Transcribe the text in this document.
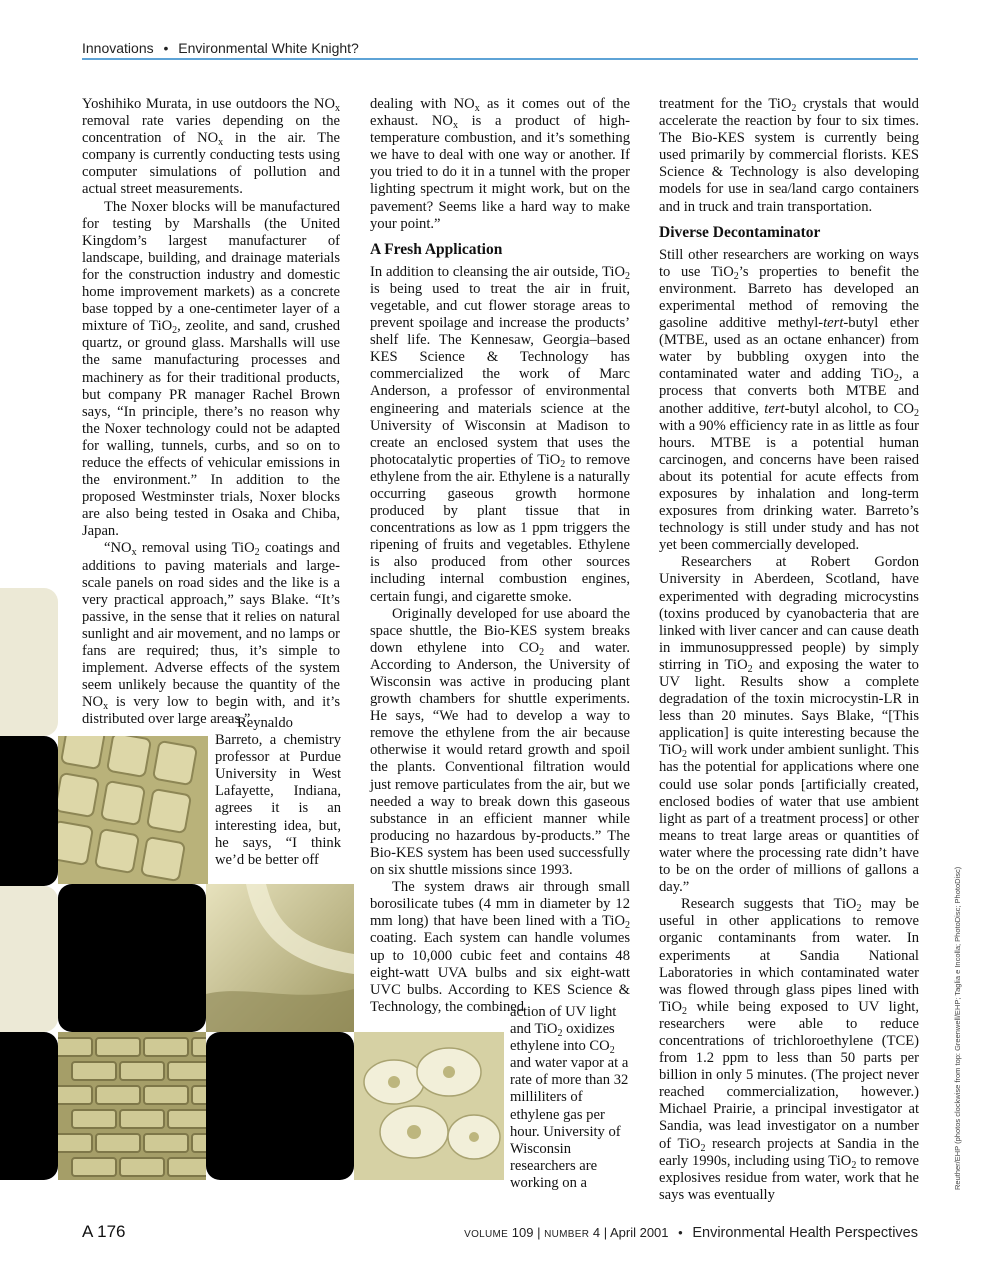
Innovations • Environmental White Knight?

Yoshihiko Murata, in use outdoors the $NO_x$ removal rate varies depending on the concentration of $NO_x$ in the air. The company is currently conducting tests using computer simulations of pollution and actual street measurements.

The Noxer blocks will be manufactured for testing by Marshalls (the United Kingdom’s largest manufacturer of landscape, building, and drainage materials for the construction industry and domestic home improvement markets) as a concrete base topped by a one-centimeter layer of a mixture of TiO$_2$, zeolite, and sand, crushed quartz, or ground glass. Marshalls will use the same manufacturing processes and machinery as for their traditional products, but company PR manager Rachel Brown says, “In principle, there’s no reason why the Noxer technology could not be adapted for walling, tunnels, curbs, and so on to reduce the effects of vehicular emissions in the environment.” In addition to the proposed Westminster trials, Noxer blocks are also being tested in Osaka and Chiba, Japan.

“$NO_x$ removal using TiO$_2$ coatings and additions to paving materials and large-scale panels on road sides and the like is a very practical approach,” says Blake. “It’s passive, in the sense that it relies on natural sunlight and air movement, and no lamps or fans are required; thus, it’s simple to implement. Adverse effects of the system seem unlikely because the quantity of the $NO_x$ is very low to begin with, and it’s distributed over large areas.”

Reynaldo Barreto, a chemistry professor at Purdue University in West Lafayette, Indiana, agrees it is an interesting idea, but, he says, “I think we’d be better off

dealing with $NO_x$ as it comes out of the exhaust. $NO_x$ is a product of high-temperature combustion, and it’s something we have to deal with one way or another. If you tried to do it in a tunnel with the proper lighting spectrum it might work, but on the pavement? Seems like a hard way to make your point.”

A Fresh Application

In addition to cleansing the air outside, TiO$_2$ is being used to treat the air in fruit, vegetable, and cut flower storage areas to prevent spoilage and increase the products’ shelf life. The Kennesaw, Georgia–based KES Science & Technology has commercialized the work of Marc Anderson, a professor of environmental engineering and materials science at the University of Wisconsin at Madison to create an enclosed system that uses the photocatalytic properties of TiO$_2$ to remove ethylene from the air. Ethylene is a naturally occurring gaseous growth hormone produced by plant tissue that in concentrations as low as 1 ppm triggers the ripening of fruits and vegetables. Ethylene is also produced from other sources including internal combustion engines, certain fungi, and cigarette smoke.

Originally developed for use aboard the space shuttle, the Bio-KES system breaks down ethylene into $CO_2$ and water. According to Anderson, the University of Wisconsin was active in producing plant growth chambers for shuttle experiments. He says, “We had to develop a way to remove the ethylene from the air because otherwise it would retard growth and spoil the plants. Conventional filtration would just remove particulates from the air, but we needed a way to break down this gaseous substance in an efficient manner while producing no hazardous by-products.” The Bio-KES system has been used successfully on six shuttle missions since 1993.

The system draws air through small borosilicate tubes (4 mm in diameter by 12 mm long) that have been lined with a TiO$_2$ coating. Each system can handle volumes up to 10,000 cubic feet and contains 48 eight-watt UVA bulbs and six eight-watt UVC bulbs. According to KES Science & Technology, the combined

action of UV light and TiO$_2$ oxidizes ethylene into $CO_2$ and water vapor at a rate of more than 32 milliliters of ethylene gas per hour. University of Wisconsin researchers are working on a

treatment for the TiO$_2$ crystals that would accelerate the reaction by four to six times. The Bio-KES system is currently being used primarily by commercial florists. KES Science & Technology is also developing models for use in sea/land cargo containers and in truck and train transportation.

Diverse Decontaminator

Still other researchers are working on ways to use TiO$_2$’s properties to benefit the environment. Barreto has developed an experimental method of removing the gasoline additive methyl-tert-butyl ether (MTBE, used as an octane enhancer) from water by bubbling oxygen into the contaminated water and adding TiO$_2$, a process that converts both MTBE and another additive, tert-butyl alcohol, to $CO_2$ with a 90% efficiency rate in as little as four hours. MTBE is a potential human carcinogen, and concerns have been raised about its potential for acute effects from exposures by inhalation and long-term exposures from drinking water. Barreto’s technology is still under study and has not yet been commercially developed.

Researchers at Robert Gordon University in Aberdeen, Scotland, have experimented with degrading microcystins (toxins produced by cyanobacteria that are linked with liver cancer and can cause death in immunosuppressed people) by simply stirring in TiO$_2$ and exposing the water to UV light. Results show a complete degradation of the toxin microcystin-LR in less than 20 minutes. Says Blake, “[This application] is quite interesting because the TiO$_2$ will work under ambient sunlight. This has the potential for applications where one could use solar ponds [artificially created, enclosed bodies of water that use ambient light as part of a treatment process] or other means to treat large areas or quantities of water where the processing rate didn’t have to be on the order of millions of gallons a day.”

Research suggests that TiO$_2$ may be useful in other applications to remove organic contaminants from water. In experiments at Sandia National Laboratories in which contaminated water was flowed through glass pipes lined with TiO$_2$ while being exposed to UV light, researchers were able to reduce concentrations of trichloroethylene (TCE) from 1.2 ppm to less than 50 parts per billion in only 5 minutes. (The project never reached commercialization, however.) Michael Prairie, a principal investigator at Sandia, was lead investigator on a number of TiO$_2$ research projects at Sandia in the early 1990s, including using TiO$_2$ to remove explosives residue from water, work that he says was eventually

Reuther/EHP (photos clockwise from top: Greenwell/EHP; Taglia e Incolla; PhotoDisc; PhotoDisc)
A 176	VOLUME 109 | NUMBER 4 | April 2001 • Environmental Health Perspectives
